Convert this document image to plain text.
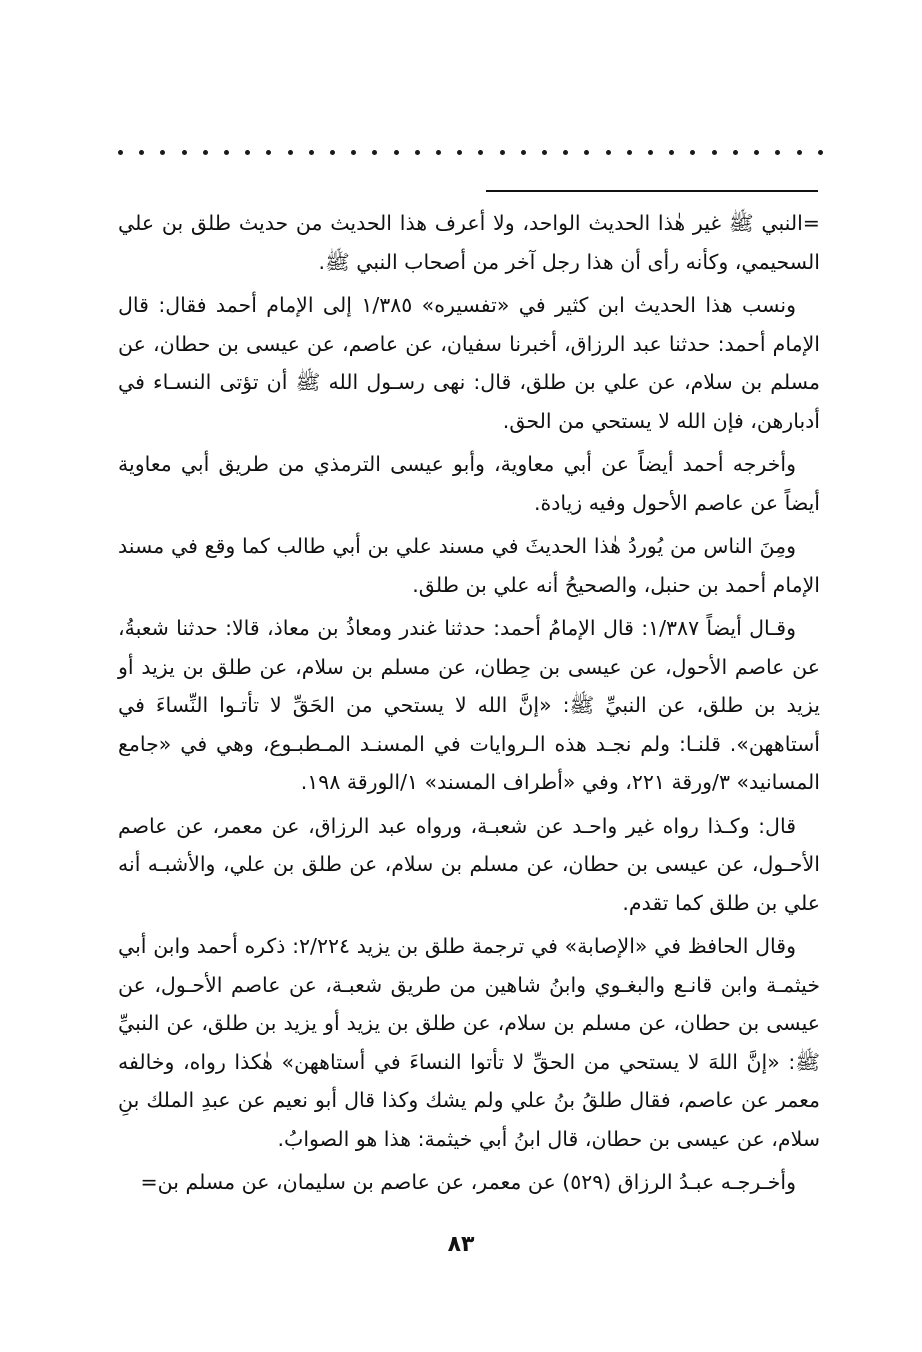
=النبي ﷺ غير هٰذا الحديث الواحد، ولا أعرف هذا الحديث من حديث طلق بن علي السحيمي، وكأنه رأى أن هذا رجل آخر من أصحاب النبي ﷺ.

ونسب هذا الحديث ابن كثير في «تفسيره» ١/٣٨٥ إلى الإمام أحمد فقال: قال الإمام أحمد: حدثنا عبد الرزاق، أخبرنا سفيان، عن عاصم، عن عيسى بن حطان، عن مسلم بن سلام، عن علي بن طلق، قال: نهى رسـول الله ﷺ أن تؤتى النسـاء في أدبارهن، فإن الله لا يستحي من الحق.

وأخرجه أحمد أيضاً عن أبي معاوية، وأبو عيسى الترمذي من طريق أبي معاوية أيضاً عن عاصم الأحول وفيه زيادة.

ومِنَ الناس من يُوردُ هٰذا الحديثَ في مسند علي بن أبي طالب كما وقع في مسند الإمام أحمد بن حنبل، والصحيحُ أنه علي بن طلق.

وقـال أيضاً ١/٣٨٧: قال الإمامُ أحمد: حدثنا غندر ومعاذُ بن معاذ، قالا: حدثنا شعبةُ، عن عاصم الأحول، عن عيسى بن حِطان، عن مسلم بن سلام، عن طلق بن يزيد أو يزيد بن طلق، عن النبيِّ ﷺ: «إنَّ الله لا يستحي من الحَقِّ لا تأتـوا النِّساءَ في أستاههن». قلنـا: ولم نجـد هذه الـروايات في المسنـد المـطبـوع، وهي في «جامع المسانيد» ٣/ورقة ٢٢١، وفي «أطراف المسند» ١/الورقة ١٩٨.

قال: وكـذا رواه غير واحـد عن شعبـة، ورواه عبد الرزاق، عن معمر، عن عاصم الأحـول، عن عيسى بن حطان، عن مسلم بن سلام، عن طلق بن علي، والأشبـه أنه علي بن طلق كما تقدم.

وقال الحافظ في «الإصابة» في ترجمة طلق بن يزيد ٢/٢٢٤: ذكره أحمد وابن أبي خيثمـة وابن قانـع والبغـوي وابنُ شاهين من طريق شعبـة، عن عاصم الأحـول، عن عيسى بن حطان، عن مسلم بن سلام، عن طلق بن يزيد أو يزيد بن طلق، عن النبيِّ ﷺ: «إنَّ اللهَ لا يستحي من الحقِّ لا تأتوا النساءَ في أستاههن» هٰكذا رواه، وخالفه معمر عن عاصم، فقال طلقُ بنُ علي ولم يشك وكذا قال أبو نعيم عن عبدِ الملك بنِ سلام، عن عيسى بن حطان، قال ابنُ أبي خيثمة: هذا هو الصوابُ.

وأخـرجـه عبـدُ الرزاق (٥٢٩) عن معمر، عن عاصم بن سليمان، عن مسلم بن=

٨٣
